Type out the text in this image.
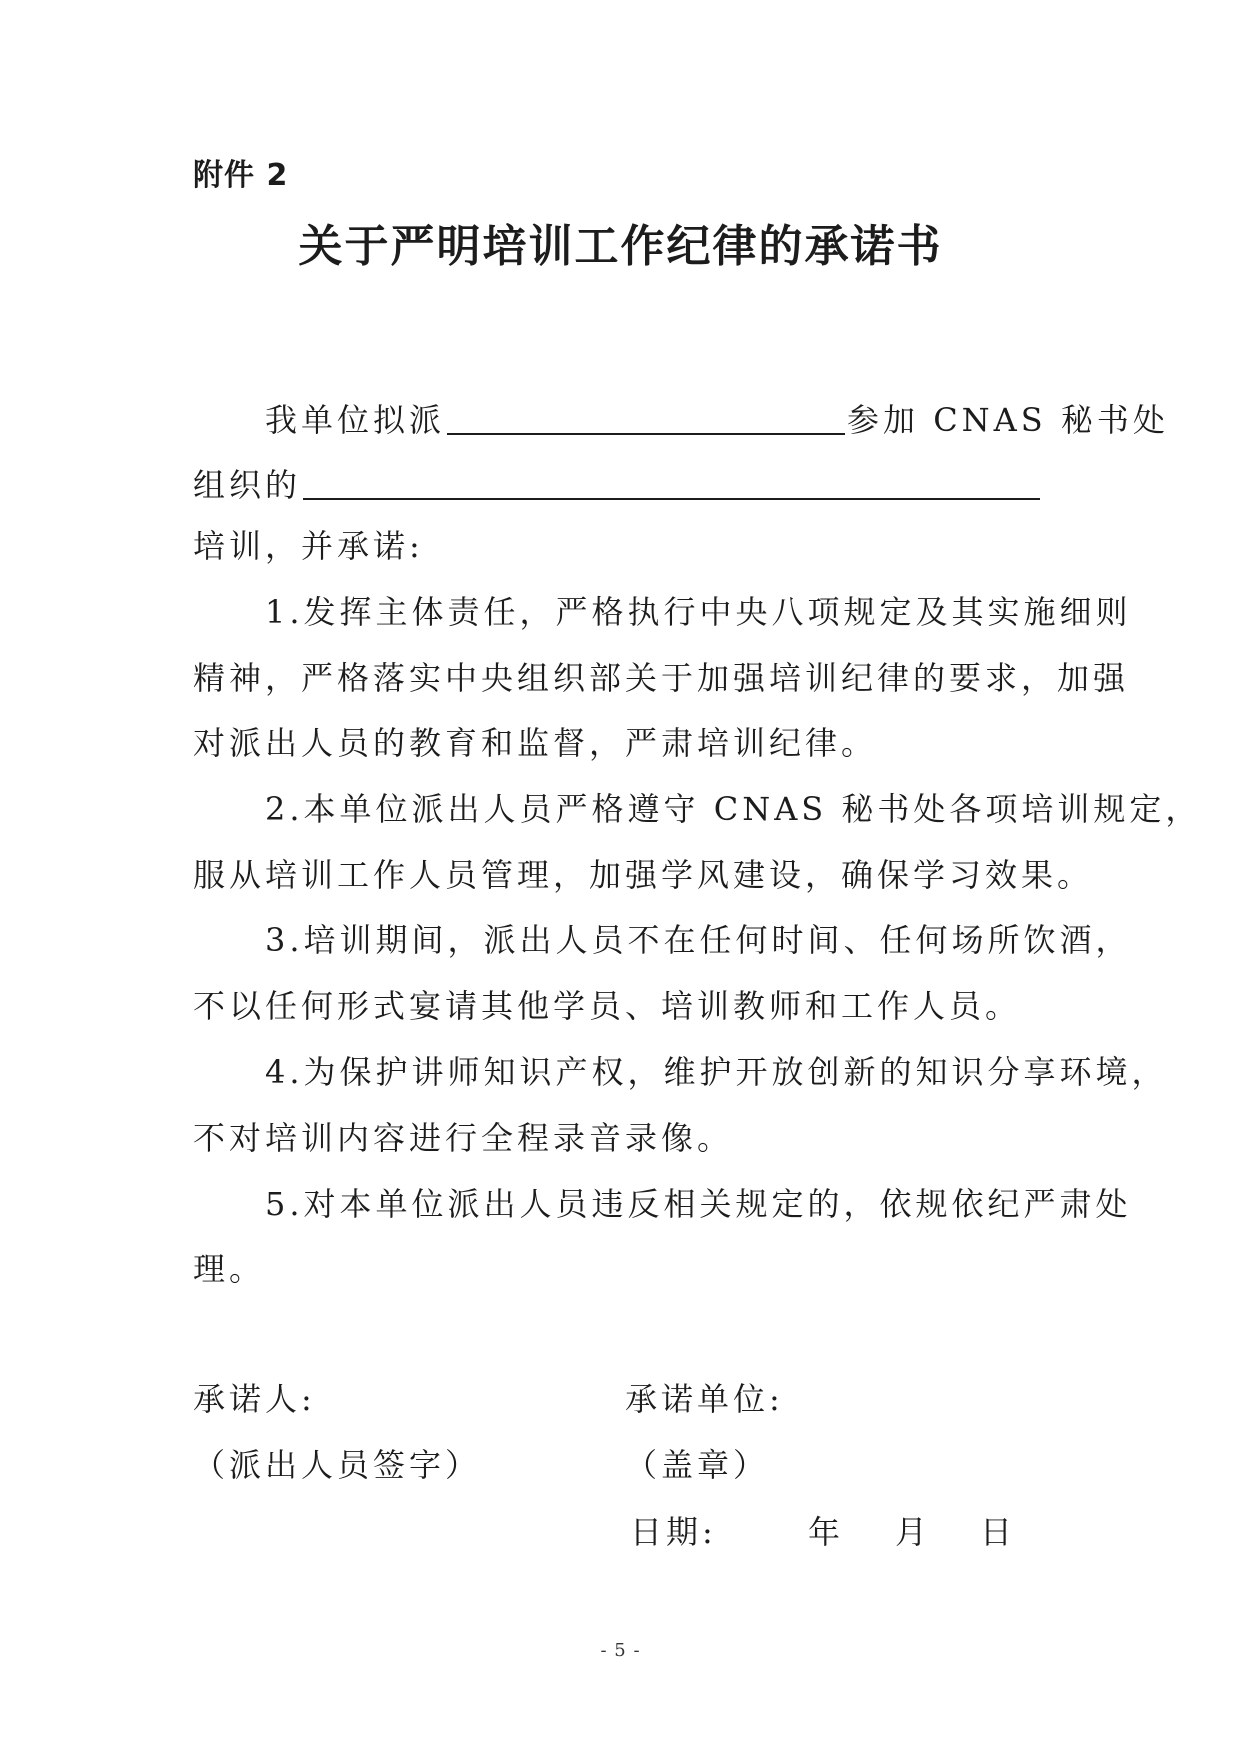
附件 2
关于严明培训工作纪律的承诺书
我单位拟派	参加 CNAS 秘书处
组织的
培训，并承诺:
1.发挥主体责任，严格执行中央八项规定及其实施细则
精神，严格落实中央组织部关于加强培训纪律的要求，加强
对派出人员的教育和监督，严肃培训纪律。
2.本单位派出人员严格遵守 CNAS 秘书处各项培训规定，
服从培训工作人员管理，加强学风建设，确保学习效果。
3.培训期间，派出人员不在任何时间、任何场所饮酒，
不以任何形式宴请其他学员、培训教师和工作人员。
4.为保护讲师知识产权，维护开放创新的知识分享环境，
不对培训内容进行全程录音录像。
5.对本单位派出人员违反相关规定的，依规依纪严肃处
理。
承诺人:
（派出人员签字）
承诺单位:
（盖章）
日期:	年 月 日
- 5 -
